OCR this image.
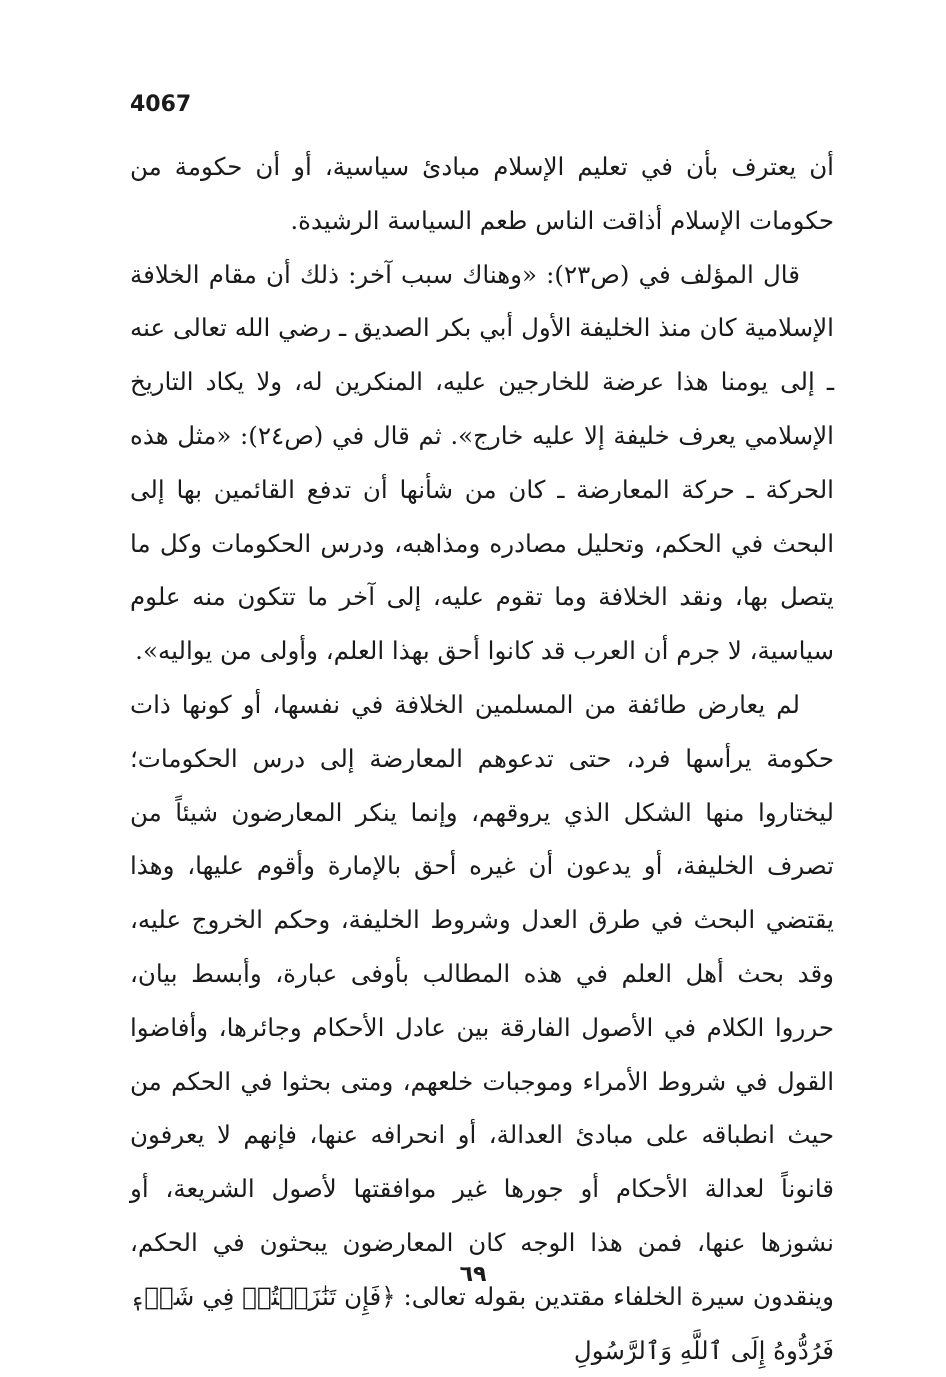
4067

أن يعترف بأن في تعليم الإسلام مبادئ سياسية، أو أن حكومة من حكومات الإسلام أذاقت الناس طعم السياسة الرشيدة.

قال المؤلف في (ص٢٣): «وهناك سبب آخر: ذلك أن مقام الخلافة الإسلامية كان منذ الخليفة الأول أبي بكر الصديق ـ رضي الله تعالى عنه ـ إلى يومنا هذا عرضة للخارجين عليه، المنكرين له، ولا يكاد التاريخ الإسلامي يعرف خليفة إلا عليه خارج». ثم قال في (ص٢٤): «مثل هذه الحركة ـ حركة المعارضة ـ كان من شأنها أن تدفع القائمين بها إلى البحث في الحكم، وتحليل مصادره ومذاهبه، ودرس الحكومات وكل ما يتصل بها، ونقد الخلافة وما تقوم عليه، إلى آخر ما تتكون منه علوم سياسية، لا جرم أن العرب قد كانوا أحق بهذا العلم، وأولى من يواليه».

لم يعارض طائفة من المسلمين الخلافة في نفسها، أو كونها ذات حكومة يرأسها فرد، حتى تدعوهم المعارضة إلى درس الحكومات؛ ليختاروا منها الشكل الذي يروقهم، وإنما ينكر المعارضون شيئاً من تصرف الخليفة، أو يدعون أن غيره أحق بالإمارة وأقوم عليها، وهذا يقتضي البحث في طرق العدل وشروط الخليفة، وحكم الخروج عليه، وقد بحث أهل العلم في هذه المطالب بأوفى عبارة، وأبسط بيان، حرروا الكلام في الأصول الفارقة بين عادل الأحكام وجائرها، وأفاضوا القول في شروط الأمراء وموجبات خلعهم، ومتى بحثوا في الحكم من حيث انطباقه على مبادئ العدالة، أو انحرافه عنها، فإنهم لا يعرفون قانوناً لعدالة الأحكام أو جورها غير موافقتها لأصول الشريعة، أو نشوزها عنها، فمن هذا الوجه كان المعارضون يبحثون في الحكم، وينقدون سيرة الخلفاء مقتدين بقوله تعالى: ﴿فَإِن تَنَٰزَعۡتُمۡ فِي شَيۡءٖ فَرُدُّوهُ إِلَى ٱللَّهِ وَٱلرَّسُولِ

٦٩
